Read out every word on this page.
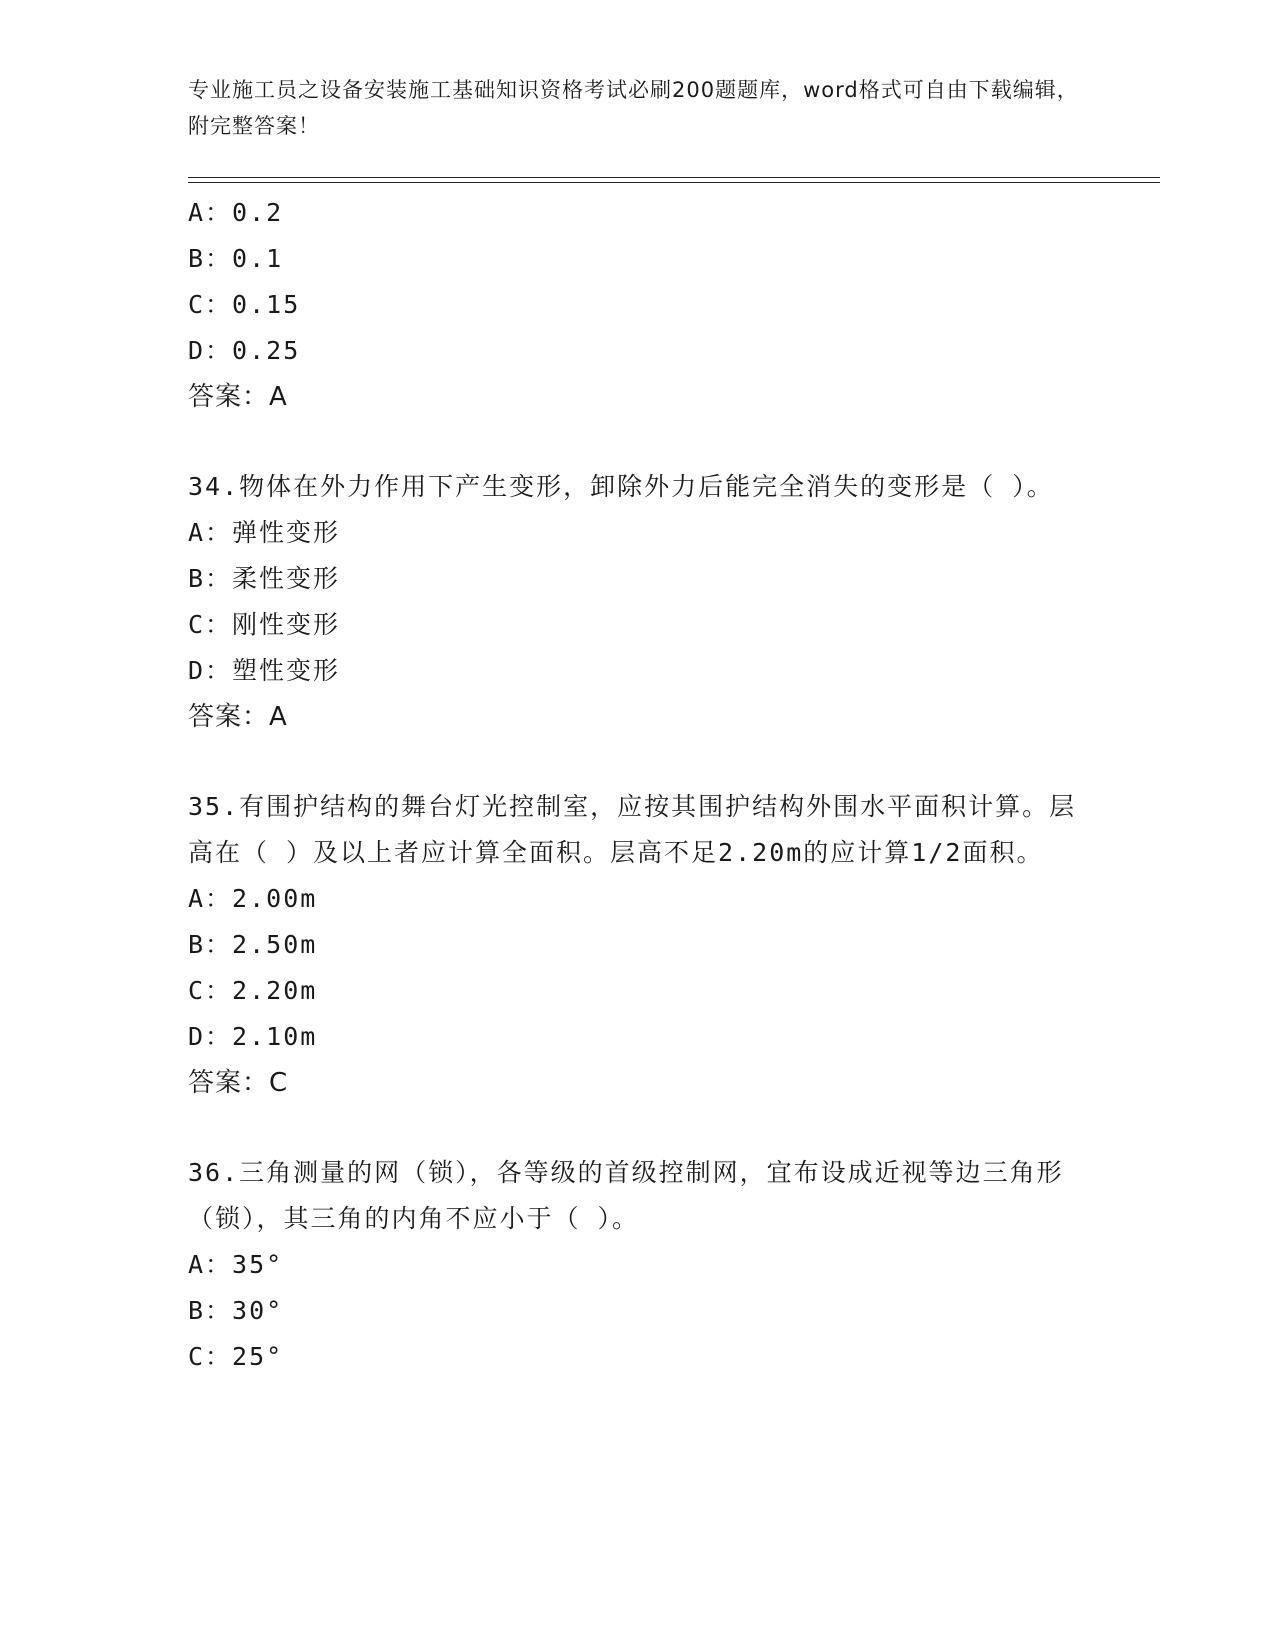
专业施工员之设备安装施工基础知识资格考试必刷200题题库，word格式可自由下载编辑，附完整答案！
A：0.2
B：0.1
C：0.15
D：0.25
答案：A
34.物体在外力作用下产生变形，卸除外力后能完全消失的变形是（ ）。
A：弹性变形
B：柔性变形
C：刚性变形
D：塑性变形
答案：A
35.有围护结构的舞台灯光控制室，应按其围护结构外围水平面积计算。层高在（ ）及以上者应计算全面积。层高不足2.20m的应计算1/2面积。
A：2.00m
B：2.50m
C：2.20m
D：2.10m
答案：C
36.三角测量的网（锁），各等级的首级控制网，宜布设成近视等边三角形（锁），其三角的内角不应小于（ ）。
A：35°
B：30°
C：25°
